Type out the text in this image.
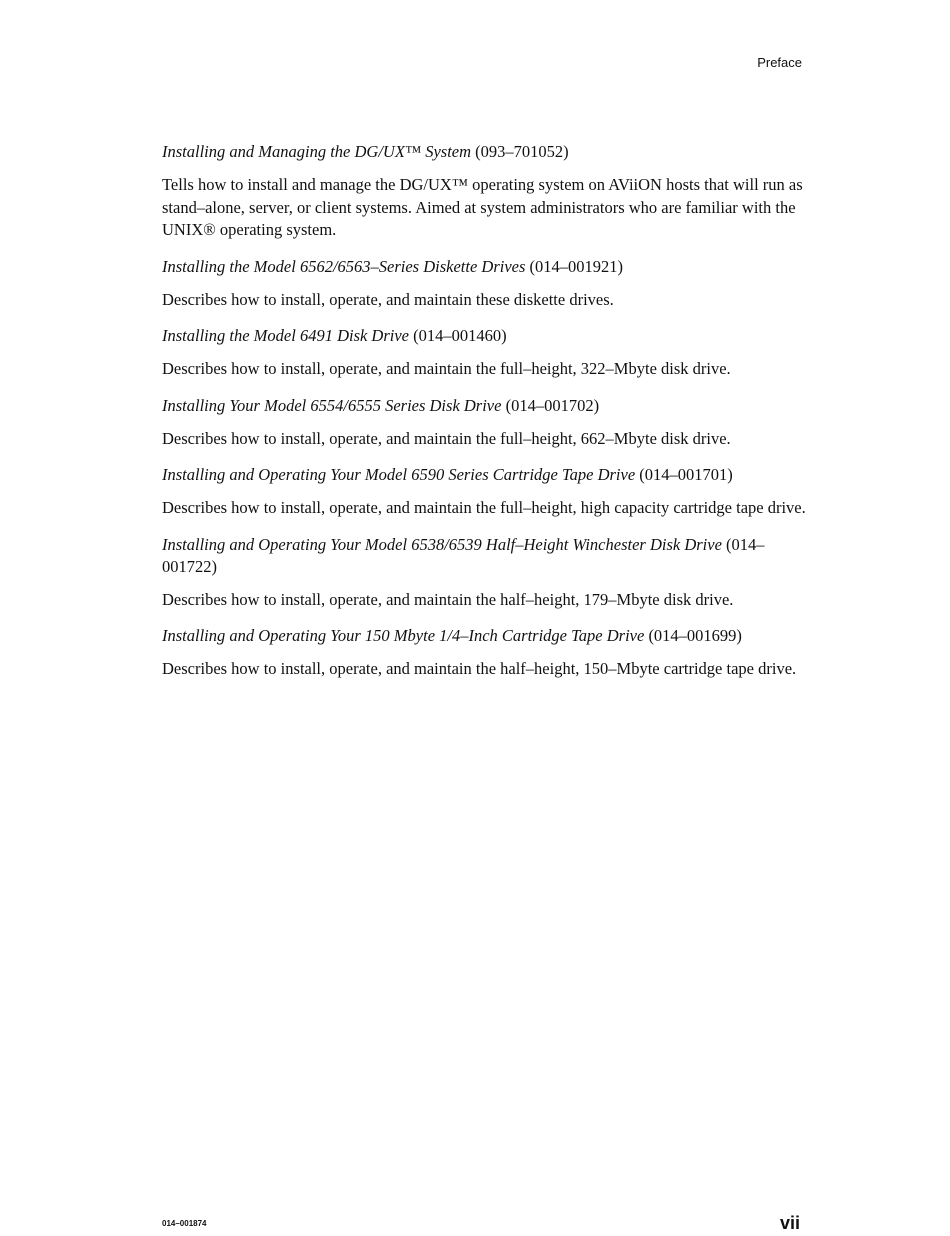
Preface

Installing and Managing the DG/UX™ System (093–701052)

Tells how to install and manage the DG/UX™ operating system on AViiON hosts that will run as stand–alone, server, or client systems. Aimed at system administrators who are familiar with the UNIX® operating system.

Installing the Model 6562/6563–Series Diskette Drives (014–001921)

Describes how to install, operate, and maintain these diskette drives.

Installing the Model 6491 Disk Drive (014–001460)

Describes how to install, operate, and maintain the full–height, 322–Mbyte disk drive.

Installing Your Model 6554/6555 Series Disk Drive (014–001702)

Describes how to install, operate, and maintain the full–height, 662–Mbyte disk drive.

Installing and Operating Your Model 6590 Series Cartridge Tape Drive (014–001701)

Describes how to install, operate, and maintain the full–height, high capacity cartridge tape drive.

Installing and Operating Your Model 6538/6539 Half–Height Winchester Disk Drive (014–001722)

Describes how to install, operate, and maintain the half–height, 179–Mbyte disk drive.

Installing and Operating Your 150 Mbyte 1/4–Inch Cartridge Tape Drive (014–001699)

Describes how to install, operate, and maintain the half–height, 150–Mbyte cartridge tape drive.

014–001874	vii
